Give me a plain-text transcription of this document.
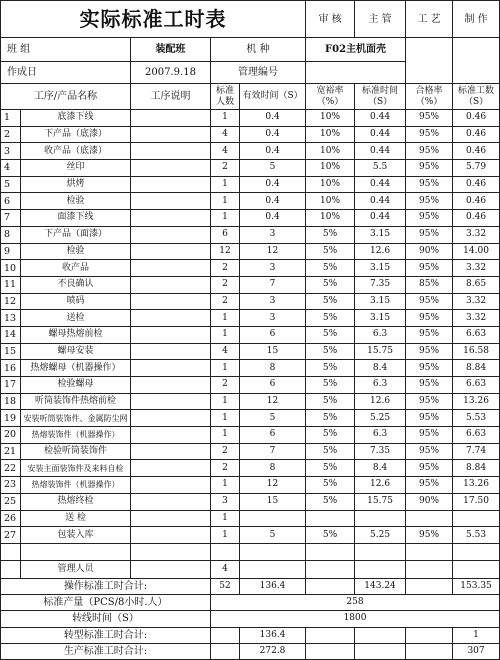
实际标准工时表					审 核	主 管	工 艺	制 作
班 组		装配班	机 种		F02主机面壳			
作成日		2007.9.18	管理编号					
工序/产品名称		工序说明	标准人数	有效时间（S）	宽裕率（%）	标准时间（S）	合格率（%）	标准工数（S）
1	底漆下线		1	0.4	10%	0.44	95%	0.46
2	下产品（底漆）		4	0.4	10%	0.44	95%	0.46
3	收产品（底漆）		4	0.4	10%	0.44	95%	0.46
4	丝印		2	5	10%	5.5	95%	5.79
5	烘烤		1	0.4	10%	0.44	95%	0.46
6	检验		1	0.4	10%	0.44	95%	0.46
7	面漆下线		1	0.4	10%	0.44	95%	0.46
8	下产品（面漆）		6	3	5%	3.15	95%	3.32
9	检验		12	12	5%	12.6	90%	14.00
10	收产品		2	3	5%	3.15	95%	3.32
11	不良确认		2	7	5%	7.35	85%	8.65
12	喷码		2	3	5%	3.15	95%	3.32
13	送检		1	3	5%	3.15	95%	3.32
14	螺母热熔前检		1	6	5%	6.3	95%	6.63
15	螺母安装		4	15	5%	15.75	95%	16.58
16	热熔螺母（机器操作）		1	8	5%	8.4	95%	8.84
17	检验螺母		2	6	5%	6.3	95%	6.63
18	听筒装饰件热熔前检		1	12	5%	12.6	95%	13.26
19	安装听筒装饰件、金属防尘网		1	5	5%	5.25	95%	5.53
20	热熔装饰件（机器操作）		1	6	5%	6.3	95%	6.63
21	检验听筒装饰件		2	7	5%	7.35	95%	7.74
22	安装主面装饰件及来料自检		2	8	5%	8.4	95%	8.84
23	热熔装饰件（机器操作）		1	12	5%	12.6	95%	13.26
25	热熔终检		3	15	5%	15.75	90%	17.50
26	送 检		1					
27	包装入库		1	5	5%	5.25	95%	5.53

	管理人员		4					
操作标准工时合计:			52	136.4		143.24		153.35
标准产量（PCS/8小时.人）			258					
转线时间（S）			1800					
转型标准工时合计:				136.4				1
生产标准工时合计:				272.8				307
